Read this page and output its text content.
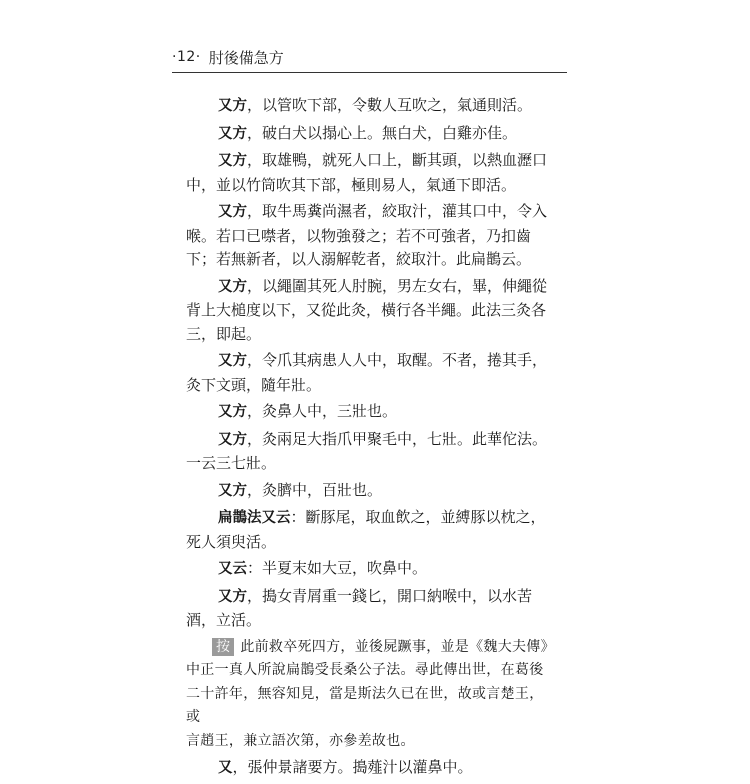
·12· 肘後備急方

又方，以管吹下部，令數人互吹之，氣通則活。

又方，破白犬以搨心上。無白犬，白雞亦佳。

又方，取雄鴨，就死人口上，斷其頭，以熱血瀝口中，並以竹筒吹其下部，極則易人，氣通下即活。

又方，取牛馬糞尚濕者，絞取汁，灌其口中，令入喉。若口已噤者，以物強發之；若不可強者，乃扣齒下；若無新者，以人溺解乾者，絞取汁。此扁鵲云。

又方，以繩圍其死人肘腕，男左女右，畢，伸繩從背上大槌度以下，又從此灸，橫行各半繩。此法三灸各三，即起。

又方，令爪其病患人人中，取醒。不者，捲其手，灸下文頭，隨年壯。

又方，灸鼻人中，三壯也。

又方，灸兩足大指爪甲聚毛中，七壯。此華佗法。一云三七壯。

又方，灸臍中，百壯也。

扁鵲法又云：斷豚尾，取血飲之，並縛豚以枕之，死人須臾活。

又云：半夏末如大豆，吹鼻中。

又方，搗女青屑重一錢匕，開口納喉中，以水苦酒，立活。

按 此前救卒死四方，並後屍蹶事，並是《魏大夫傳》
中正一真人所說扁鵲受長桑公子法。尋此傳出世，在葛後
二十許年，無容知見，當是斯法久已在世，故或言楚王，或
言趙王，兼立語次第，亦參差故也。

又，張仲景諸要方。搗薤汁以灌鼻中。
